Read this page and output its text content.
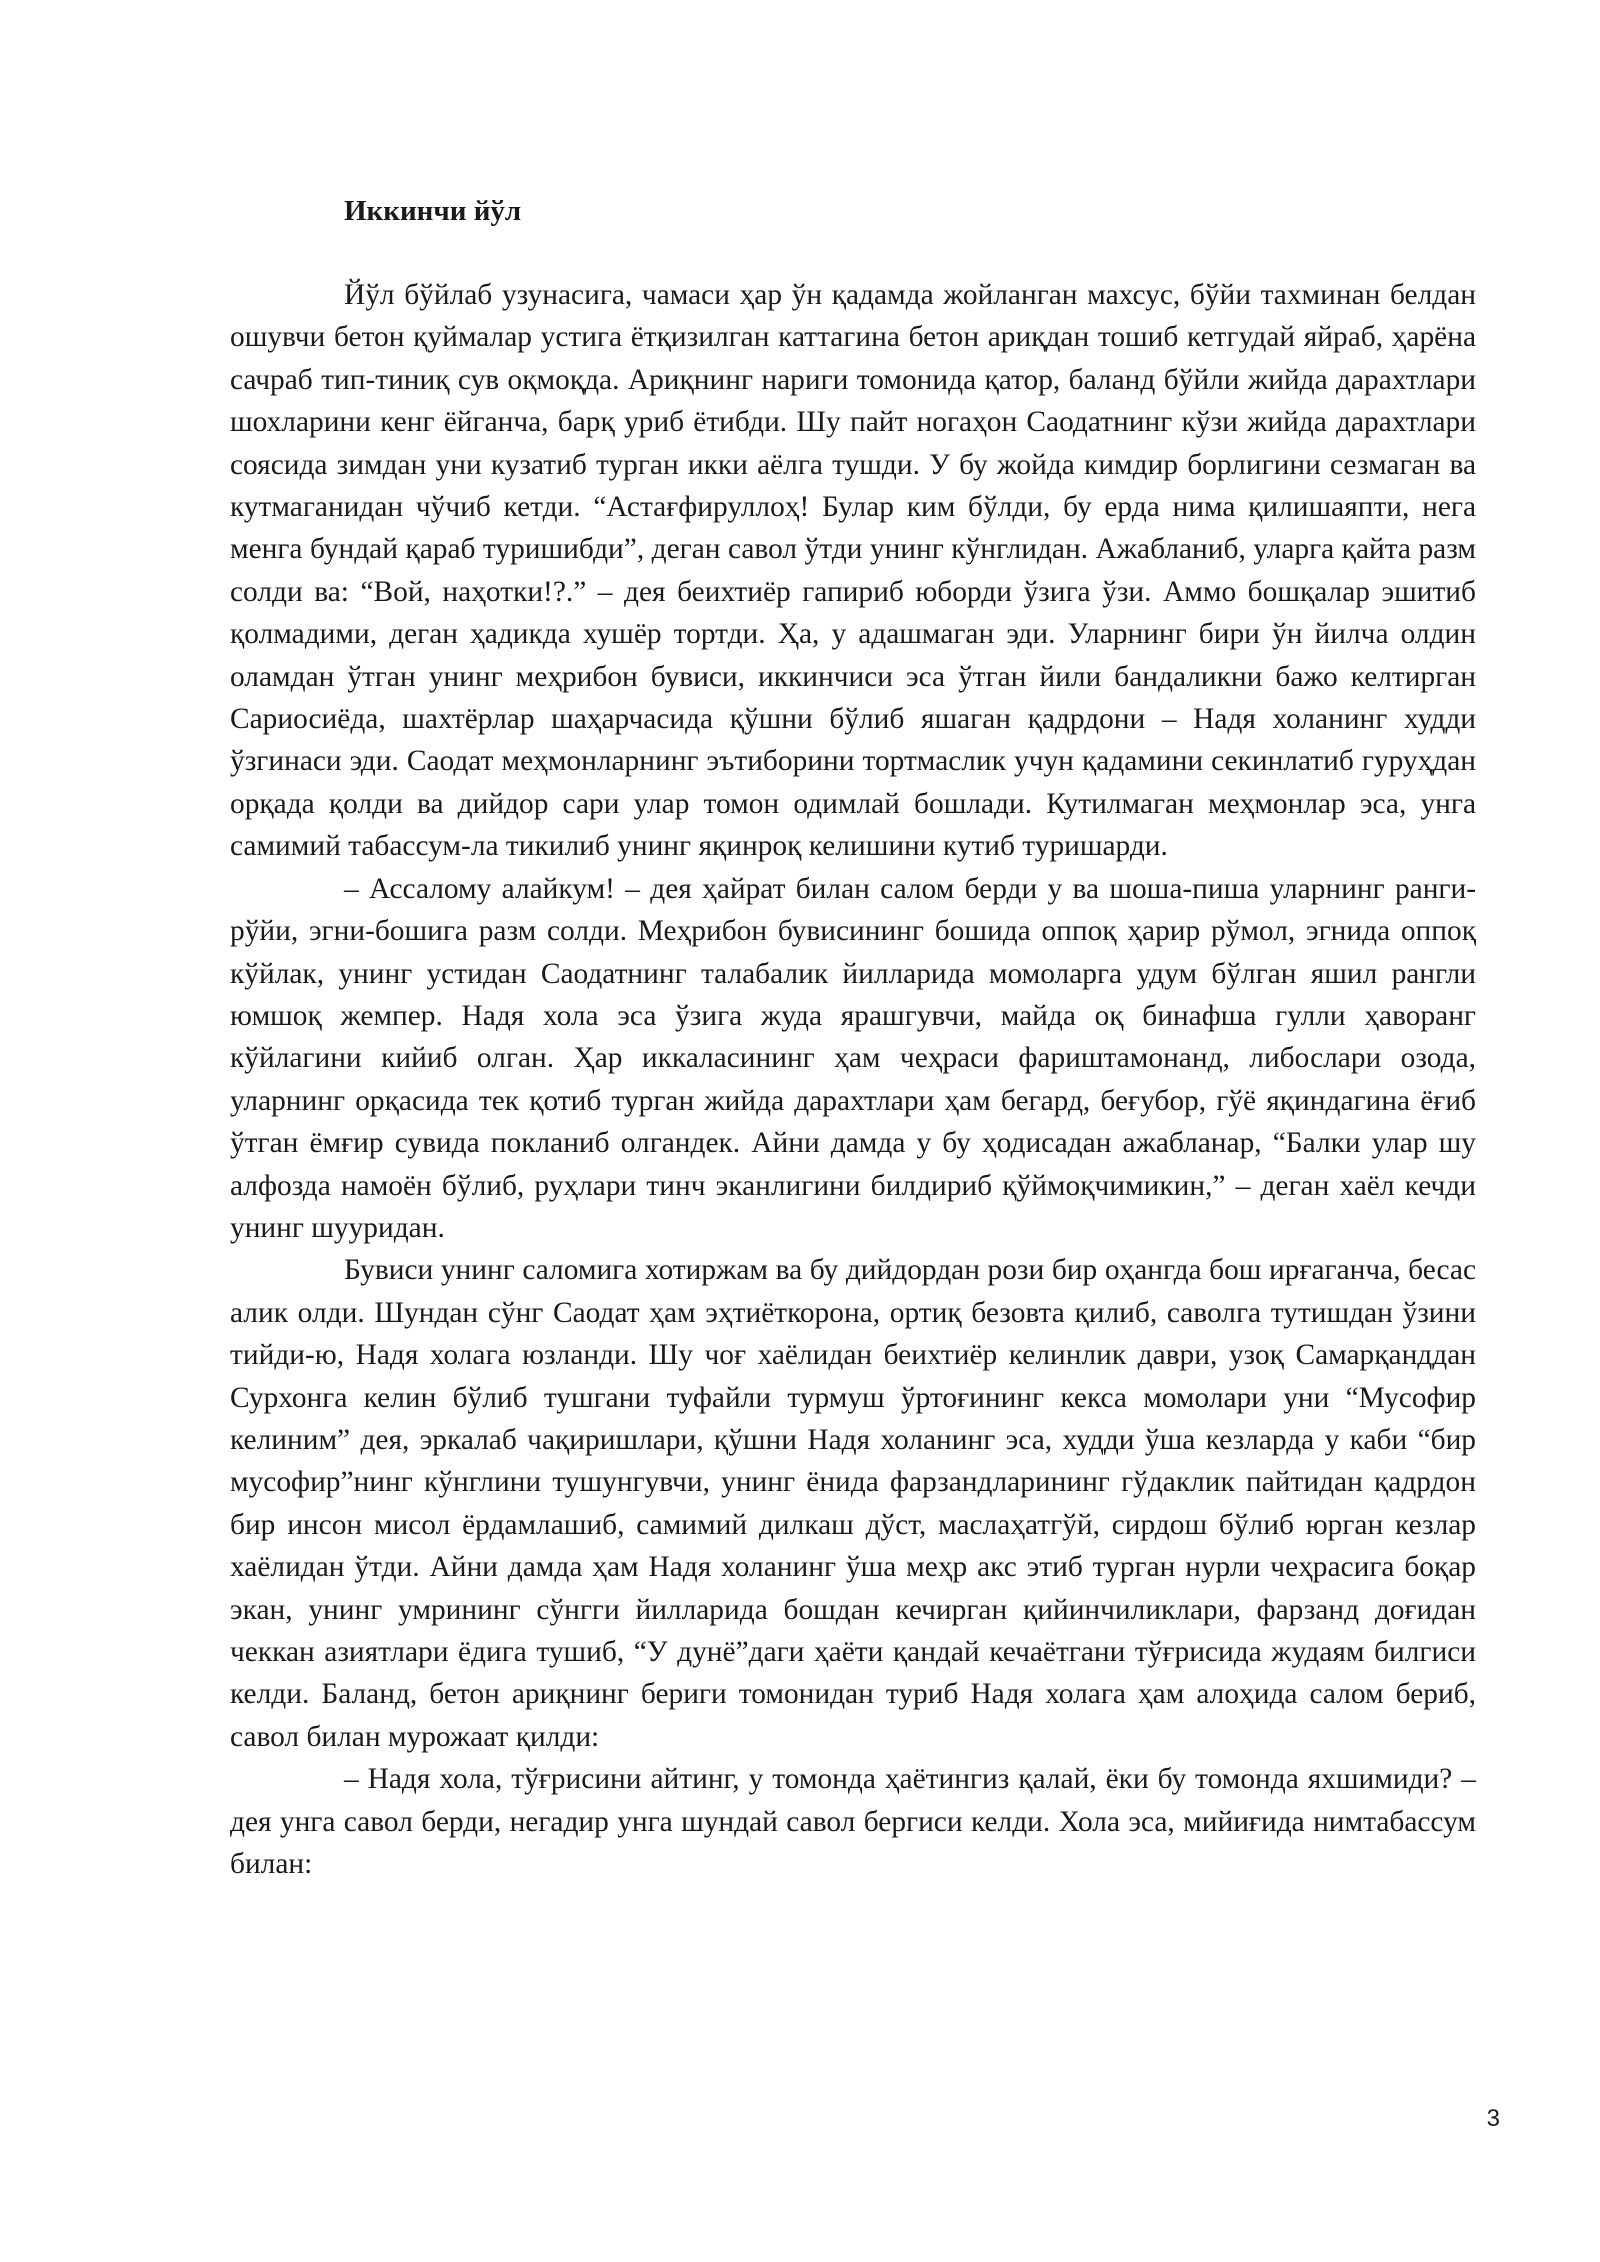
Иккинчи йўл

Йўл бўйлаб узунасига, чамаси ҳар ўн қадамда жойланган махсус, бўйи тахминан белдан ошувчи бетон қуймалар устига ётқизилган каттагина бетон ариқдан тошиб кетгудай яйраб, ҳарёна сачраб тип-тиниқ сув оқмоқда. Ариқнинг нариги томонида қатор, баланд бўйли жийда дарахтлари шохларини кенг ёйганча, барқ уриб ётибди. Шу пайт ногаҳон Саодатнинг кўзи жийда дарахтлари соясида зимдан уни кузатиб турган икки аёлга тушди. У бу жойда кимдир борлигини сезмаган ва кутмаганидан чўчиб кетди. “Астағфируллоҳ! Булар ким бўлди, бу ерда нима қилишаяпти, нега менга бундай қараб туришибди”, деган савол ўтди унинг кўнглидан. Ажабланиб, уларга қайта разм солди ва: “Вой, наҳотки!?.” – дея беихтиёр гапириб юборди ўзига ўзи. Аммо бошқалар эшитиб қолмадими, деган ҳадикда хушёр тортди. Ҳа, у адашмаган эди. Уларнинг бири ўн йилча олдин оламдан ўтган унинг меҳрибон бувиси, иккинчиси эса ўтган йили бандаликни бажо келтирган Сариосиёда, шахтёрлар шаҳарчасида қўшни бўлиб яшаган қадрдони – Надя холанинг худди ўзгинаси эди. Саодат меҳмонларнинг эътиборини тортмаслик учун қадамини секинлатиб гуруҳдан орқада қолди ва дийдор сари улар томон одимлай бошлади. Кутилмаган меҳмонлар эса, унга самимий табассум-ла тикилиб унинг яқинроқ келишини кутиб туришарди.

– Ассалому алайкум! – дея ҳайрат билан салом берди у ва шоша-пиша уларнинг ранги-рўйи, эгни-бошига разм солди. Меҳрибон бувисининг бошида оппоқ ҳарир рўмол, эгнида оппоқ кўйлак, унинг устидан Саодатнинг талабалик йилларида момоларга удум бўлган яшил рангли юмшоқ жемпер. Надя хола эса ўзига жуда ярашгувчи, майда оқ бинафша гулли ҳаворанг кўйлагини кийиб олган. Ҳар иккаласининг ҳам чеҳраси фариштамонанд, либослари озода, уларнинг орқасида тек қотиб турган жийда дарахтлари ҳам бегард, беғубор, гўё яқиндагина ёғиб ўтган ёмғир сувида покланиб олгандек. Айни дамда у бу ҳодисадан ажабланар, “Балки улар шу алфозда намоён бўлиб, руҳлари тинч эканлигини билдириб қўймоқчимикин,” – деган хаёл кечди унинг шууридан.

Бувиси унинг саломига хотиржам ва бу дийдордан рози бир оҳангда бош ирғаганча, бесас алик олди. Шундан сўнг Саодат ҳам эҳтиёткорона, ортиқ безовта қилиб, саволга тутишдан ўзини тийди-ю, Надя холага юзланди. Шу чоғ хаёлидан беихтиёр келинлик даври, узоқ Самарқанддан Сурхонга келин бўлиб тушгани туфайли турмуш ўртоғининг кекса момолари уни “Мусофир келиним” дея, эркалаб чақиришлари, қўшни Надя холанинг эса, худди ўша кезларда у каби “бир мусофир”нинг кўнглини тушунгувчи, унинг ёнида фарзандларининг гўдаклик пайтидан қадрдон бир инсон мисол ёрдамлашиб, самимий дилкаш дўст, маслаҳатгўй, сирдош бўлиб юрган кезлар хаёлидан ўтди. Айни дамда ҳам Надя холанинг ўша меҳр акс этиб турган нурли чеҳрасига боқар экан, унинг умрининг сўнгги йилларида бошдан кечирган қийинчиликлари, фарзанд доғидан чеккан азиятлари ёдига тушиб, “У дунё”даги ҳаёти қандай кечаётгани тўғрисида жудаям билгиси келди. Баланд, бетон ариқнинг бериги томонидан туриб Надя холага ҳам алоҳида салом бериб, савол билан мурожаат қилди:

– Надя хола, тўғрисини айтинг, у томонда ҳаётингиз қалай, ёки бу томонда яхшимиди? – дея унга савол берди, негадир унга шундай савол бергиси келди. Хола эса, мийиғида нимтабассум билан:

3
